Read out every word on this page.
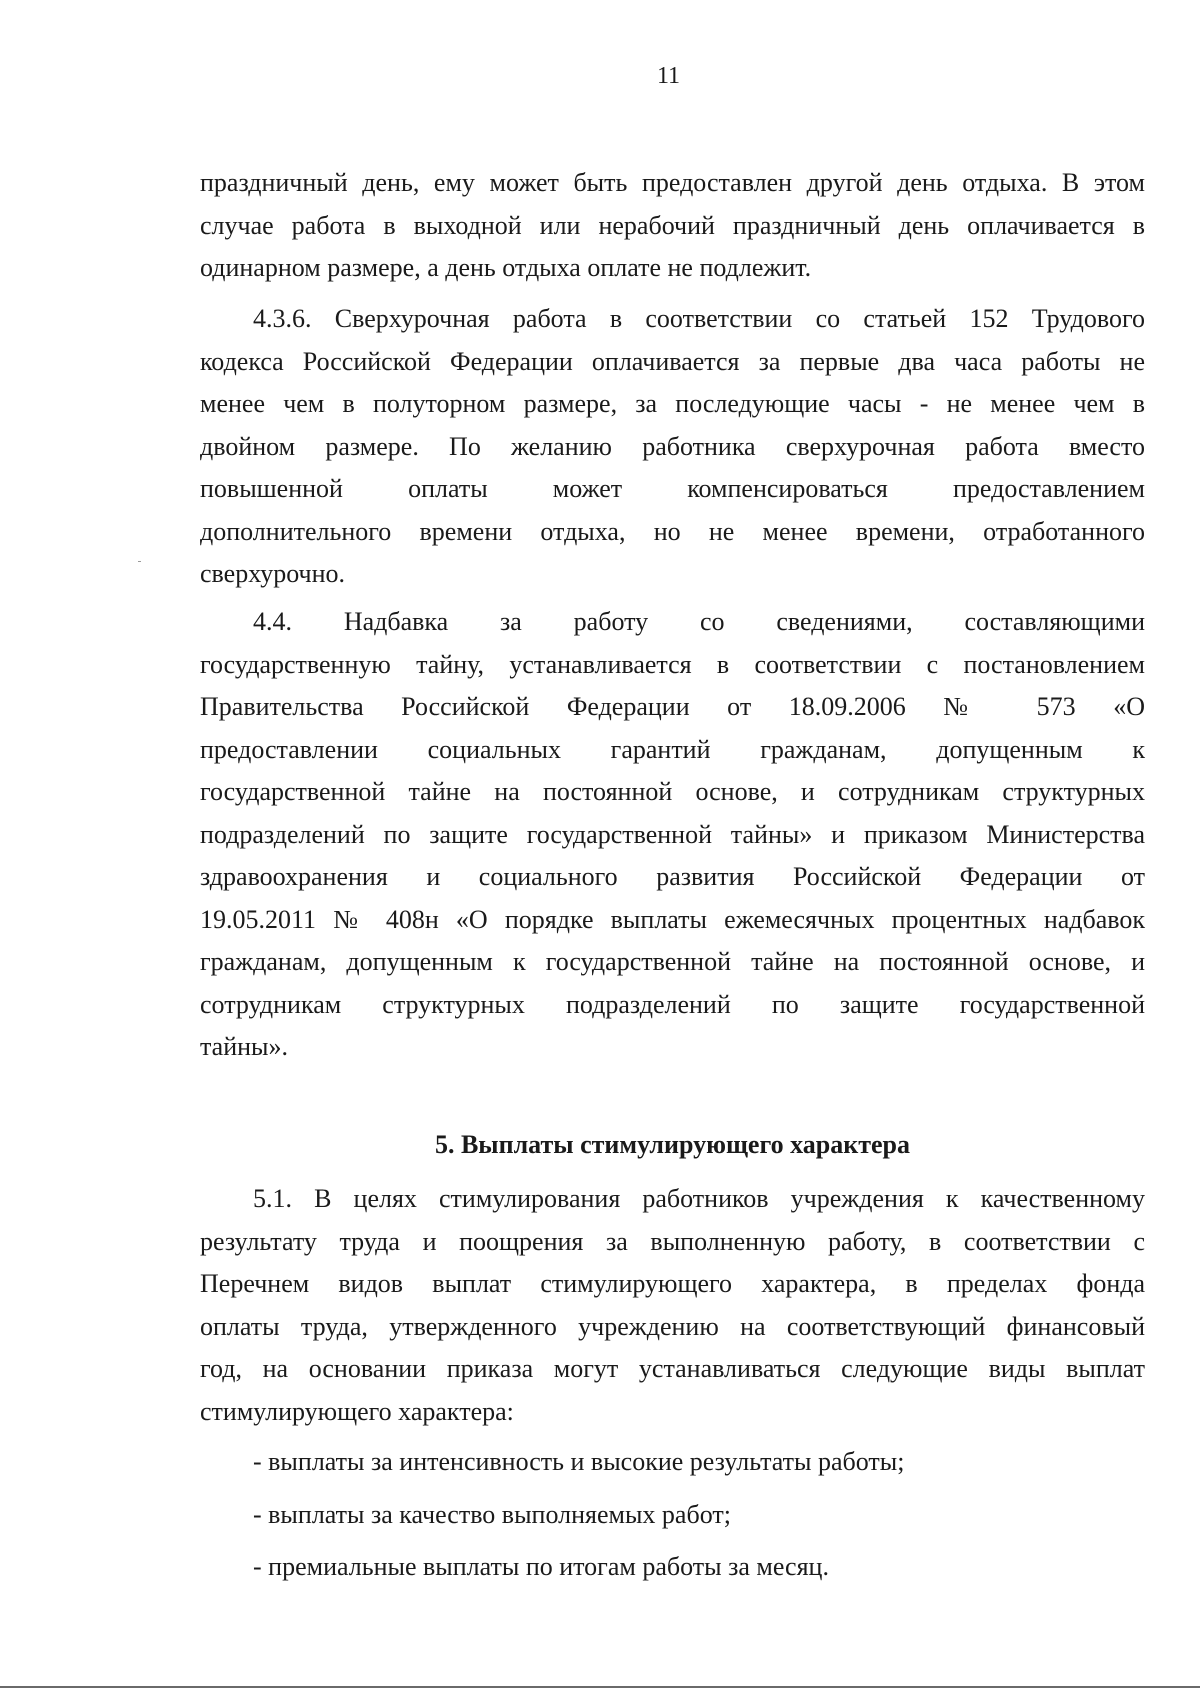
11
праздничный день, ему может быть предоставлен другой день отдыха. В этом
случае работа в выходной или нерабочий праздничный день оплачивается в
одинарном размере, а день отдыха оплате не подлежит.
4.3.6. Сверхурочная работа в соответствии со статьей 152 Трудового
кодекса Российской Федерации оплачивается за первые два часа работы не
менее чем в полуторном размере, за последующие часы - не менее чем в
двойном размере. По желанию работника сверхурочная работа вместо
повышенной оплаты может компенсироваться предоставлением
дополнительного времени отдыха, но не менее времени, отработанного
сверхурочно.
4.4. Надбавка за работу со сведениями, составляющими
государственную тайну, устанавливается в соответствии с постановлением
Правительства Российской Федерации от 18.09.2006 № 573 «О
предоставлении социальных гарантий гражданам, допущенным к
государственной тайне на постоянной основе, и сотрудникам структурных
подразделений по защите государственной тайны» и приказом Министерства
здравоохранения и социального развития Российской Федерации от
19.05.2011 № 408н «О порядке выплаты ежемесячных процентных надбавок
гражданам, допущенным к государственной тайне на постоянной основе, и
сотрудникам структурных подразделений по защите государственной
тайны».
5. Выплаты стимулирующего характера
5.1. В целях стимулирования работников учреждения к качественному
результату труда и поощрения за выполненную работу, в соответствии с
Перечнем видов выплат стимулирующего характера, в пределах фонда
оплаты труда, утвержденного учреждению на соответствующий финансовый
год, на основании приказа могут устанавливаться следующие виды выплат
стимулирующего характера:
- выплаты за интенсивность и высокие результаты работы;
- выплаты за качество выполняемых работ;
- премиальные выплаты по итогам работы за месяц.
